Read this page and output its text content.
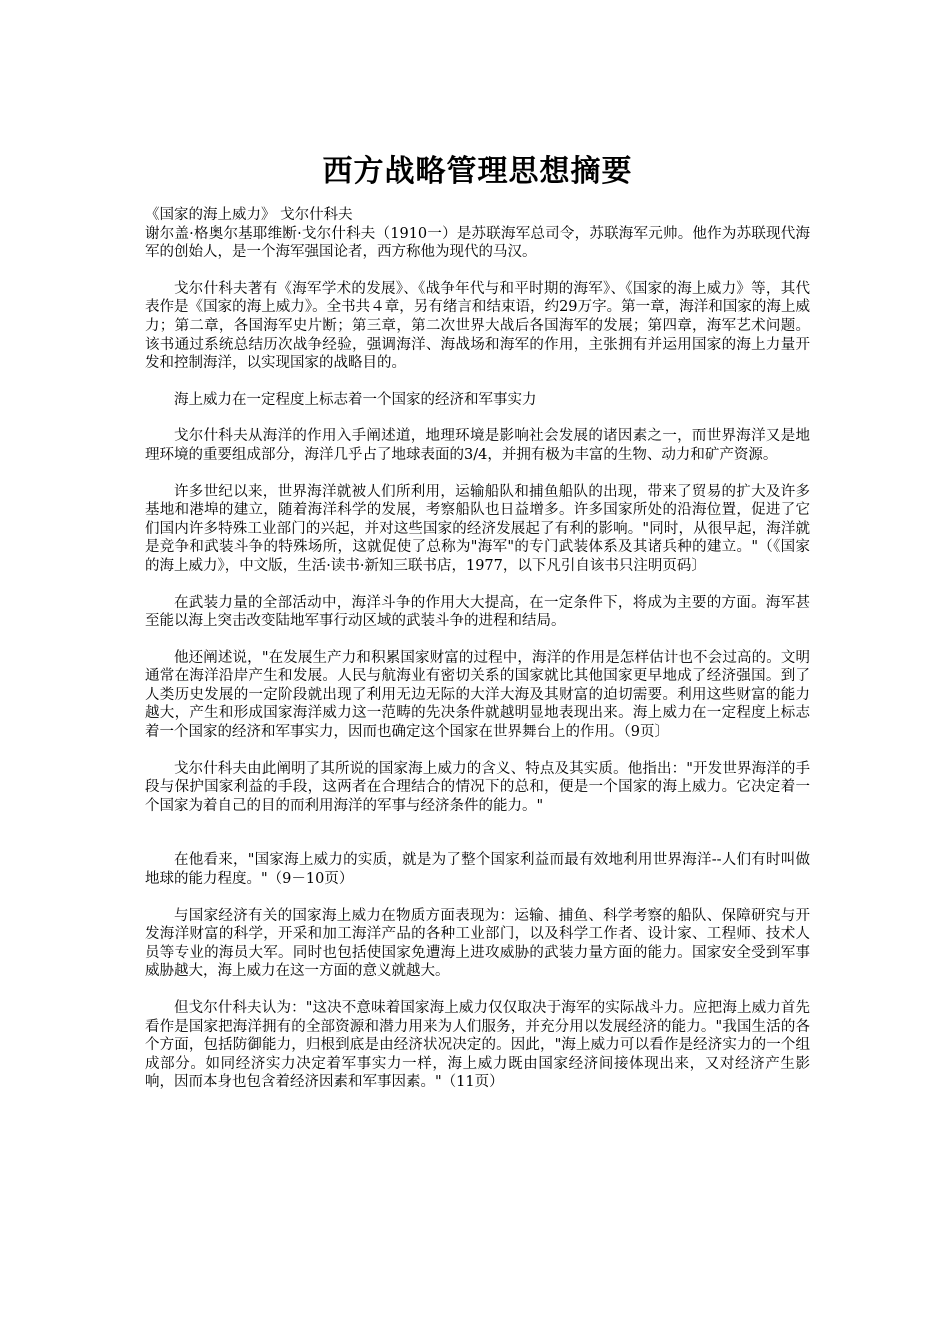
西方战略管理思想摘要

《国家的海上威力》 戈尔什科夫

谢尔盖·格奥尔基耶维断·戈尔什科夫（1910一）是苏联海军总司令，苏联海军元帅。他作为苏联现代海军的创始人，是一个海军强国论者，西方称他为现代的马汉。

戈尔什科夫著有《海军学术的发展》、《战争年代与和平时期的海军》、《国家的海上威力》等，其代表作是《国家的海上威力》。全书共４章，另有绪言和结束语，约29万字。第一章，海洋和国家的海上威力；第二章，各国海军史片断；第三章，第二次世界大战后各国海军的发展；第四章，海军艺术问题。该书通过系统总结历次战争经验，强调海洋、海战场和海军的作用，主张拥有并运用国家的海上力量开发和控制海洋，以实现国家的战略目的。

海上威力在一定程度上标志着一个国家的经济和军事实力

戈尔什科夫从海洋的作用入手阐述道，地理环境是影响社会发展的诸因素之一，而世界海洋又是地理环境的重要组成部分，海洋几乎占了地球表面的3/4，并拥有极为丰富的生物、动力和矿产资源。

许多世纪以来，世界海洋就被人们所利用，运输船队和捕鱼船队的出现，带来了贸易的扩大及许多基地和港埠的建立，随着海洋科学的发展，考察船队也日益增多。许多国家所处的沿海位置，促进了它们国内许多特殊工业部门的兴起，并对这些国家的经济发展起了有利的影响。"同时，从很早起，海洋就是竞争和武装斗争的特殊场所，这就促使了总称为"海军"的专门武装体系及其诸兵种的建立。"（《国家的海上威力》，中文版，生活·读书·新知三联书店，1977，以下凡引自该书只注明页码〕

在武装力量的全部活动中，海洋斗争的作用大大提高，在一定条件下，将成为主要的方面。海军甚至能以海上突击改变陆地军事行动区域的武装斗争的进程和结局。

他还阐述说，"在发展生产力和积累国家财富的过程中，海洋的作用是怎样估计也不会过高的。文明通常在海洋沿岸产生和发展。人民与航海业有密切关系的国家就比其他国家更早地成了经济强国。到了人类历史发展的一定阶段就出现了利用无边无际的大洋大海及其财富的迫切需要。利用这些财富的能力越大，产生和形成国家海洋威力这一范畴的先决条件就越明显地表现出来。海上威力在一定程度上标志着一个国家的经济和军事实力，因而也确定这个国家在世界舞台上的作用。（9页〕

戈尔什科夫由此阐明了其所说的国家海上威力的含义、特点及其实质。他指出："开发世界海洋的手段与保护国家利益的手段，这两者在合理结合的情况下的总和，便是一个国家的海上威力。它决定着一个国家为着自己的目的而利用海洋的军事与经济条件的能力。"

在他看来，"国家海上威力的实质，就是为了整个国家利益而最有效地利用世界海洋--人们有时叫做地球的能力程度。"（9－10页）

与国家经济有关的国家海上威力在物质方面表现为：运输、捕鱼、科学考察的船队、保障研究与开发海洋财富的科学，开采和加工海洋产品的各种工业部门，以及科学工作者、设计家、工程师、技术人员等专业的海员大军。同时也包括使国家免遭海上进攻威胁的武装力量方面的能力。国家安全受到军事威胁越大，海上威力在这一方面的意义就越大。

但戈尔什科夫认为："这决不意味着国家海上威力仅仅取决于海军的实际战斗力。应把海上威力首先看作是国家把海洋拥有的全部资源和潜力用来为人们服务，并充分用以发展经济的能力。"我国生活的各个方面，包括防御能力，归根到底是由经济状况决定的。因此，"海上威力可以看作是经济实力的一个组成部分。如同经济实力决定着军事实力一样，海上威力既由国家经济间接体现出来，又对经济产生影响，因而本身也包含着经济因素和军事因素。"（11页）
